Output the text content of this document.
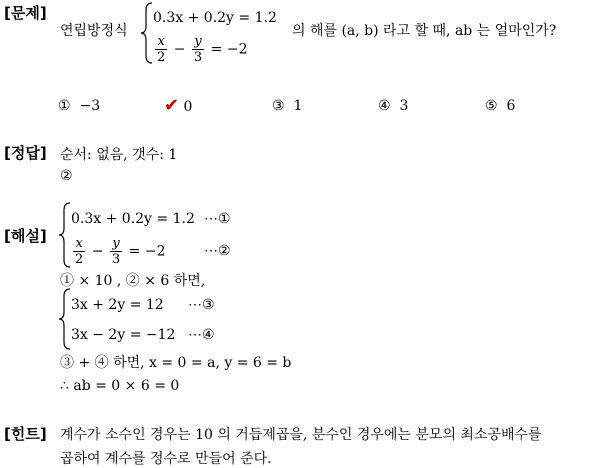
[문제]
연립방정식
0.3x + 0.2y = 1.2
$\frac{x}{2} - \frac{y}{3} = -2$
의 해를 (a, b) 라고 할 때, ab 는 얼마인가?
① −3	✔ 0	③ 1	④ 3	⑤ 6
[정답] 순서: 없음, 갯수: 1
②
[해설]
0.3x + 0.2y = 1.2 ⋯①
$\frac{x}{2} - \frac{y}{3} = -2$	⋯②
① × 10 , ② × 6 하면,
3x + 2y = 12 ⋯③
3x − 2y = −12 ⋯④
③ + ④ 하면, x = 0 = a, y = 6 = b
∴ ab = 0 × 6 = 0
[힌트] 계수가 소수인 경우는 10 의 거듭제곱을, 분수인 경우에는 분모의 최소공배수를
곱하여 계수를 정수로 만들어 준다.
